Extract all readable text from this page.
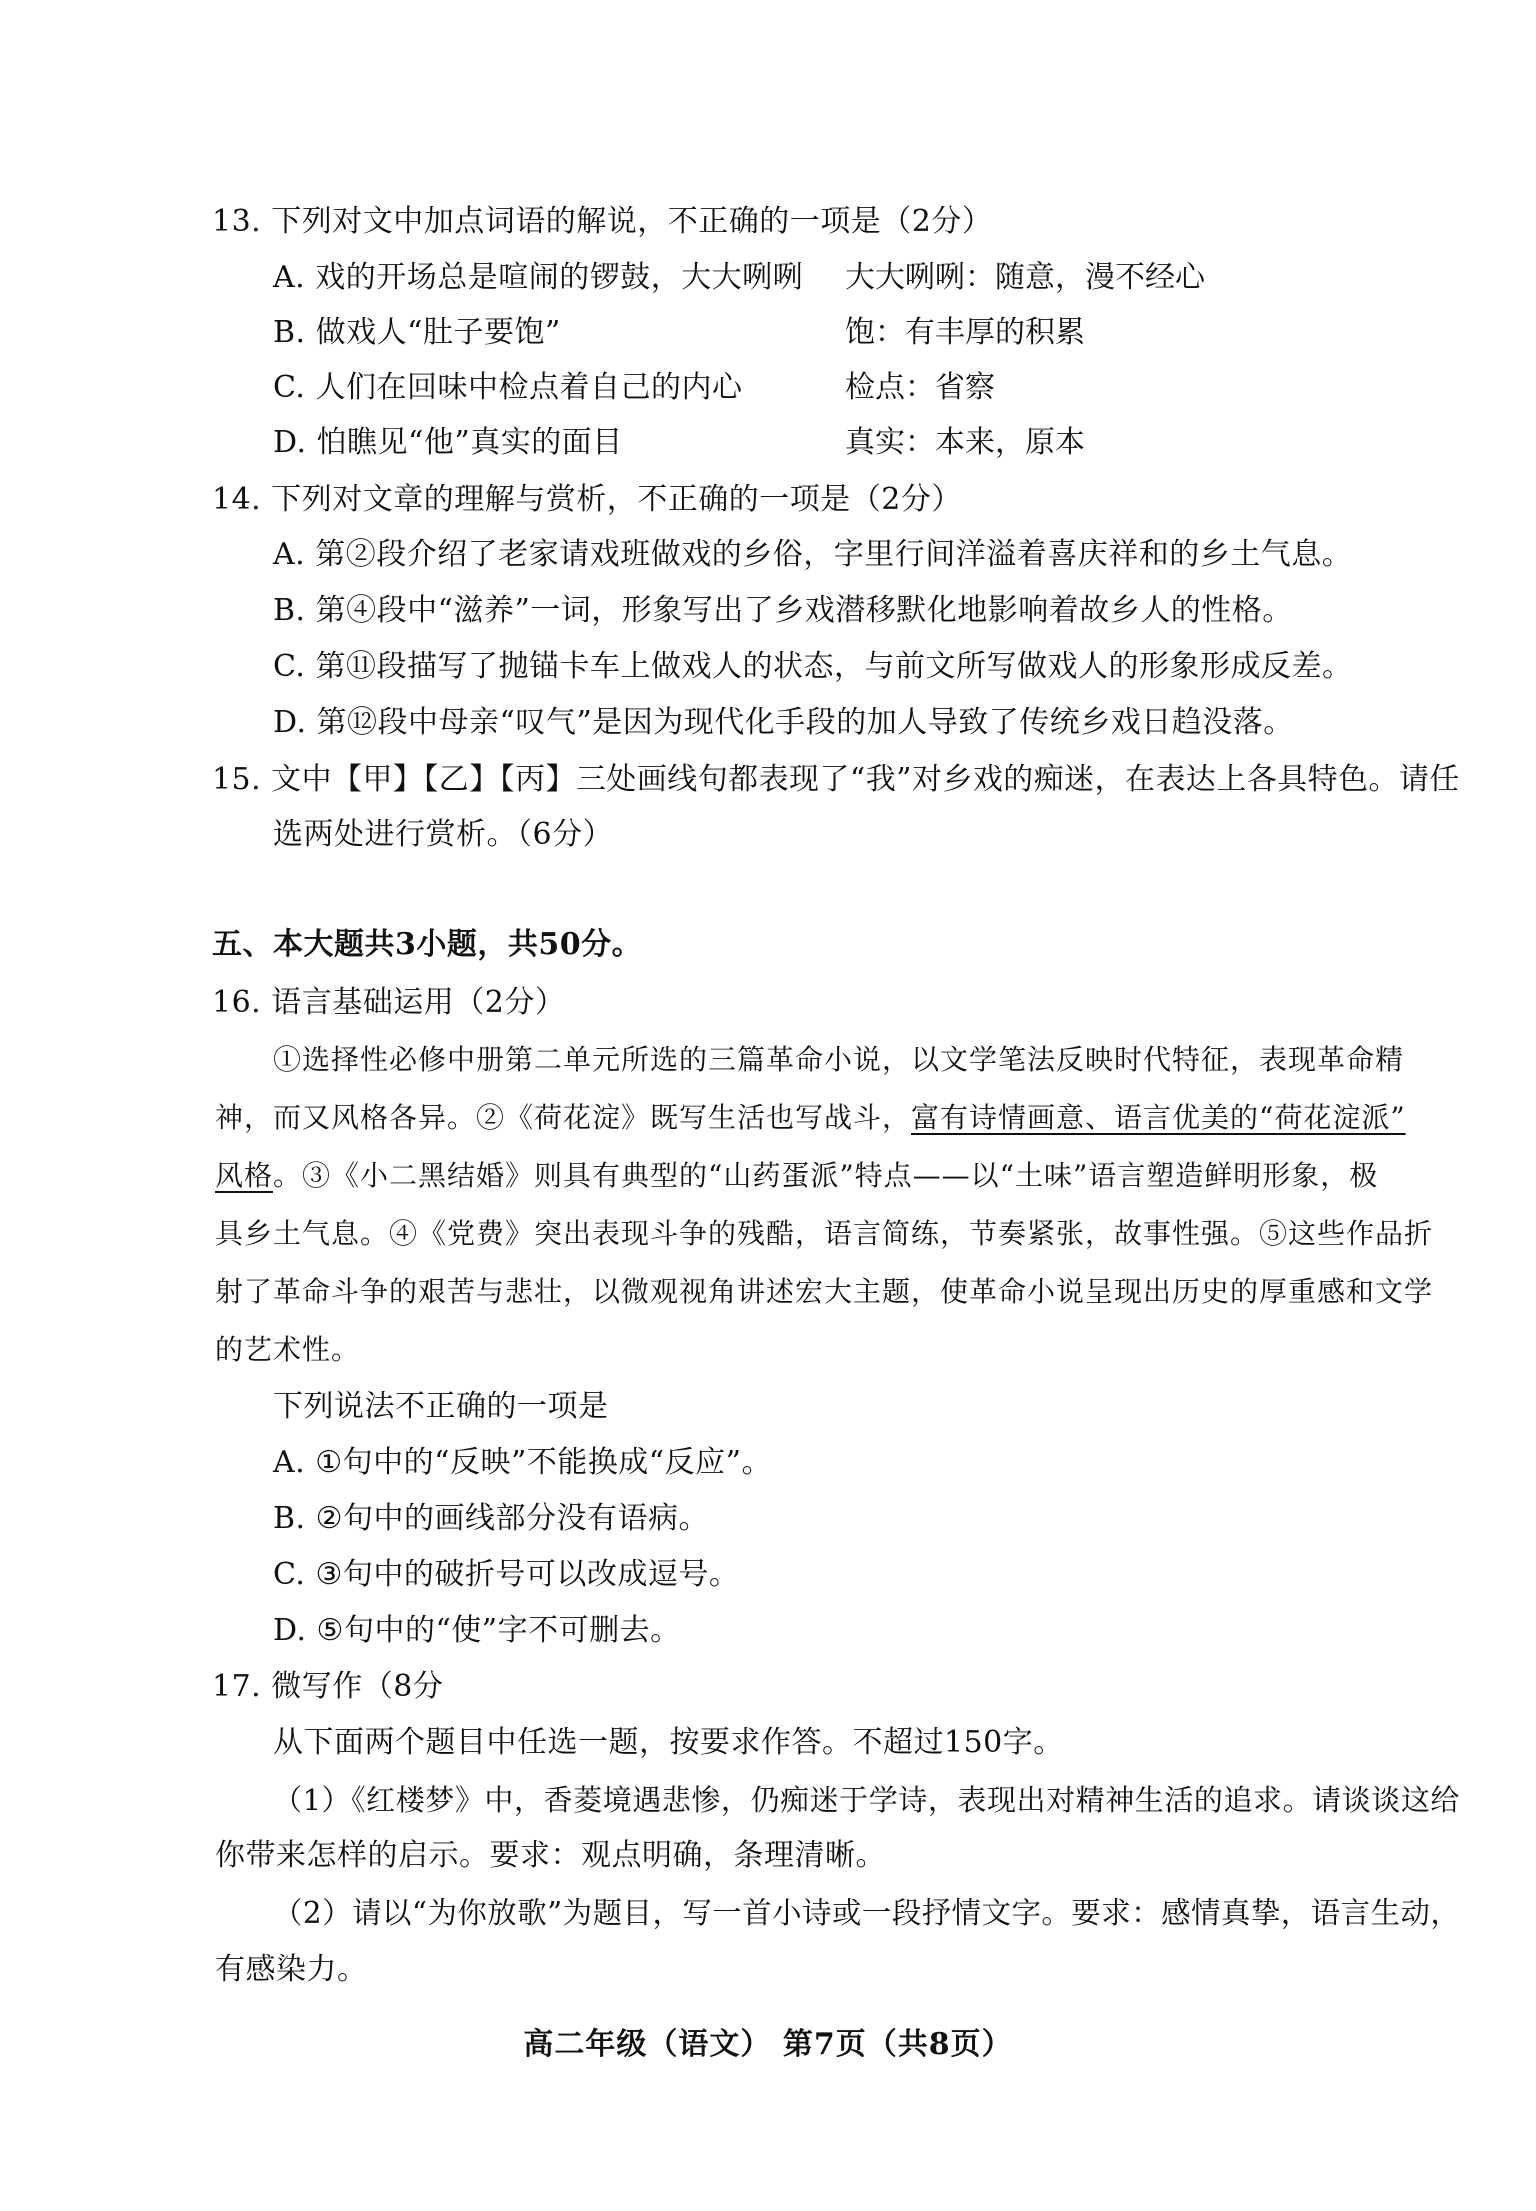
13. 下列对文中加点词语的解说，不正确的一项是（2分）
A. 戏的开场总是喧闹的锣鼓，大大咧咧 大大咧咧：随意，漫不经心
B. 做戏人“肚子要饱”	饱：有丰厚的积累
C. 人们在回味中检点着自己的内心	检点：省察
D. 怕瞧见“他”真实的面目	真实：本来，原本
14. 下列对文章的理解与赏析，不正确的一项是（2分）
A. 第②段介绍了老家请戏班做戏的乡俗，字里行间洋溢着喜庆祥和的乡土气息。
B. 第④段中“滋养”一词，形象写出了乡戏潜移默化地影响着故乡人的性格。
C. 第⑪段描写了抛锚卡车上做戏人的状态，与前文所写做戏人的形象形成反差。
D. 第⑫段中母亲“叹气”是因为现代化手段的加人导致了传统乡戏日趋没落。
15. 文中【甲】【乙】【丙】三处画线句都表现了“我”对乡戏的痴迷，在表达上各具特色。请任
选两处进行赏析。（6分）
五、本大题共3小题，共50分。
16. 语言基础运用（2分）
①选择性必修中册第二单元所选的三篇革命小说，以文学笔法反映时代特征，表现革命精
神，而又风格各异。②《荷花淀》既写生活也写战斗，富有诗情画意、语言优美的“荷花淀派”
风格。③《小二黑结婚》则具有典型的“山药蛋派”特点——以“土味”语言塑造鲜明形象，极
具乡土气息。④《党费》突出表现斗争的残酷，语言简练，节奏紧张，故事性强。⑤这些作品折
射了革命斗争的艰苦与悲壮，以微观视角讲述宏大主题，使革命小说呈现出历史的厚重感和文学
的艺术性。
下列说法不正确的一项是
A. ①句中的“反映”不能换成“反应”。
B. ②句中的画线部分没有语病。
C. ③句中的破折号可以改成逗号。
D. ⑤句中的“使”字不可删去。
17. 微写作（8分
从下面两个题目中任选一题，按要求作答。不超过150字。
（1）《红楼梦》中，香菱境遇悲惨，仍痴迷于学诗，表现出对精神生活的追求。请谈谈这给
你带来怎样的启示。要求：观点明确，条理清晰。
（2）请以“为你放歌”为题目，写一首小诗或一段抒情文字。要求：感情真挚，语言生动，
有感染力。
高二年级（语文） 第7页（共8页）
